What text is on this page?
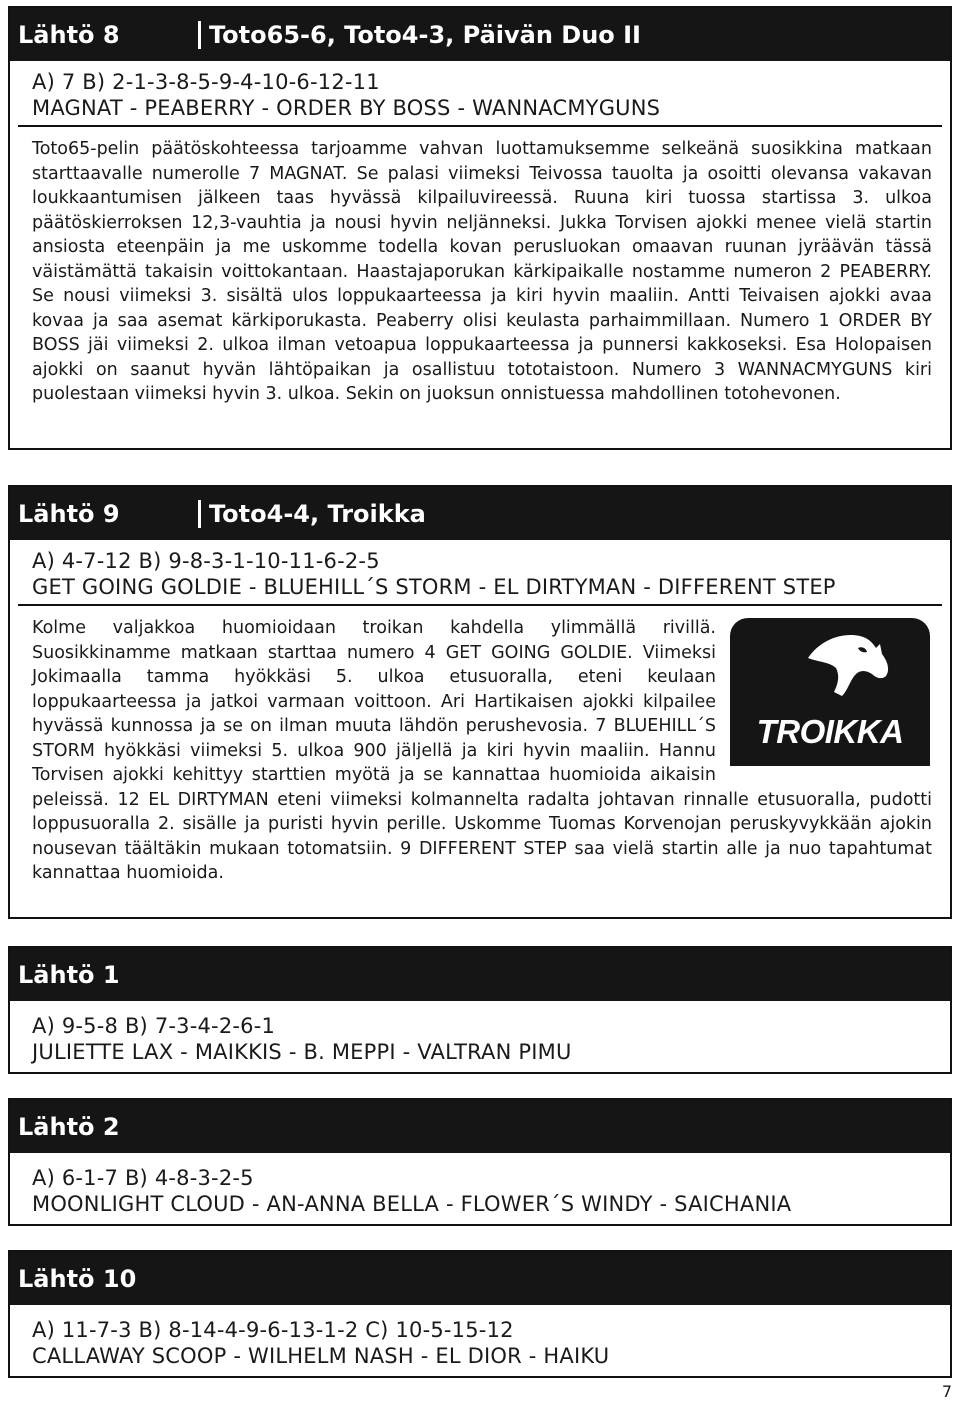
Lähtö 8	Toto65-6, Toto4-3, Päivän Duo II
A) 7 B) 2-1-3-8-5-9-4-10-6-12-11
MAGNAT - PEABERRY - ORDER BY BOSS - WANNACMYGUNS
Toto65-pelin päätöskohteessa tarjoamme vahvan luottamuksemme selkeänä suosikkina matkaan starttaavalle numerolle 7 MAGNAT. Se palasi viimeksi Teivossa tauolta ja osoitti olevansa vakavan loukkaantumisen jälkeen taas hyvässä kilpailuvireessä. Ruuna kiri tuossa startissa 3. ulkoa päätöskierroksen 12,3-vauhtia ja nousi hyvin neljänneksi. Jukka Torvisen ajokki menee vielä startin ansiosta eteenpäin ja me uskomme todella kovan perusluokan omaavan ruunan jyräävän tässä väistämättä takaisin voittokantaan. Haastajaporukan kärkipaikalle nostamme numeron 2 PEABERRY. Se nousi viimeksi 3. sisältä ulos loppukaarteessa ja kiri hyvin maaliin. Antti Teivaisen ajokki avaa kovaa ja saa asemat kärkiporukasta. Peaberry olisi keulasta parhaimmillaan. Numero 1 ORDER BY BOSS jäi viimeksi 2. ulkoa ilman vetoapua loppukaarteessa ja punnersi kakkoseksi. Esa Holopaisen ajokki on saanut hyvän lähtöpaikan ja osallistuu tototaistoon. Numero 3 WANNACMYGUNS kiri puolestaan viimeksi hyvin 3. ulkoa. Sekin on juoksun onnistuessa mahdollinen totohevonen.
Lähtö 9	Toto4-4, Troikka
A) 4-7-12 B) 9-8-3-1-10-11-6-2-5
GET GOING GOLDIE - BLUEHILL´S STORM - EL DIRTYMAN - DIFFERENT STEP
TROIKKA
Kolme valjakkoa huomioidaan troikan kahdella ylimmällä rivillä. Suosikkinamme matkaan starttaa numero 4 GET GOING GOLDIE. Viimeksi Jokimaalla tamma hyökkäsi 5. ulkoa etusuoralla, eteni keulaan loppukaarteessa ja jatkoi varmaan voittoon. Ari Hartikaisen ajokki kilpailee hyvässä kunnossa ja se on ilman muuta lähdön perushevosia. 7 BLUEHILL´S STORM hyökkäsi viimeksi 5. ulkoa 900 jäljellä ja kiri hyvin maaliin. Hannu Torvisen ajokki kehittyy starttien myötä ja se kannattaa huomioida aikaisin peleissä. 12 EL DIRTYMAN eteni viimeksi kolmannelta radalta johtavan rinnalle etusuoralla, pudotti loppusuoralla 2. sisälle ja puristi hyvin perille. Uskomme Tuomas Korvenojan peruskyvykkään ajokin nousevan täältäkin mukaan totomatsiin. 9 DIFFERENT STEP saa vielä startin alle ja nuo tapahtumat kannattaa huomioida.
Lähtö 1
A) 9-5-8 B) 7-3-4-2-6-1
JULIETTE LAX - MAIKKIS - B. MEPPI - VALTRAN PIMU
Lähtö 2
A) 6-1-7 B) 4-8-3-2-5
MOONLIGHT CLOUD - AN-ANNA BELLA - FLOWER´S WINDY - SAICHANIA
Lähtö 10
A) 11-7-3 B) 8-14-4-9-6-13-1-2 C) 10-5-15-12
CALLAWAY SCOOP - WILHELM NASH - EL DIOR - HAIKU
7
